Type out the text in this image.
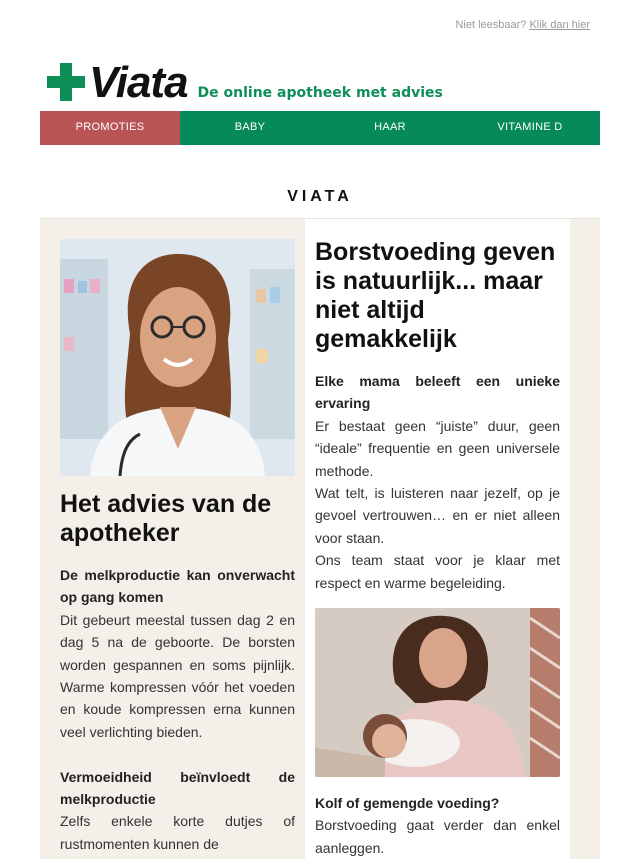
Niet leesbaar? Klik dan hier
Viata De online apotheek met advies
PROMOTIES	BABY	HAAR	VITAMINE D
VIATA
Het advies van de apotheker
De melkproductie kan onverwacht op gang komen
Dit gebeurt meestal tussen dag 2 en dag 5 na de geboorte. De borsten worden gespannen en soms pijnlijk. Warme kompressen vóór het voeden en koude kompressen erna kunnen veel verlichting bieden.

Vermoeidheid beïnvloedt de melkproductie
Zelfs enkele korte dutjes of rustmomenten kunnen de
Borstvoeding geven is natuurlijk... maar niet altijd gemakkelijk
Elke mama beleeft een unieke ervaring
Er bestaat geen “juiste” duur, geen “ideale” frequentie en geen universele methode.
Wat telt, is luisteren naar jezelf, op je gevoel vertrouwen… en er niet alleen voor staan.
Ons team staat voor je klaar met respect en warme begeleiding.
Kolf of gemengde voeding?
Borstvoeding gaat verder dan enkel aanleggen.
